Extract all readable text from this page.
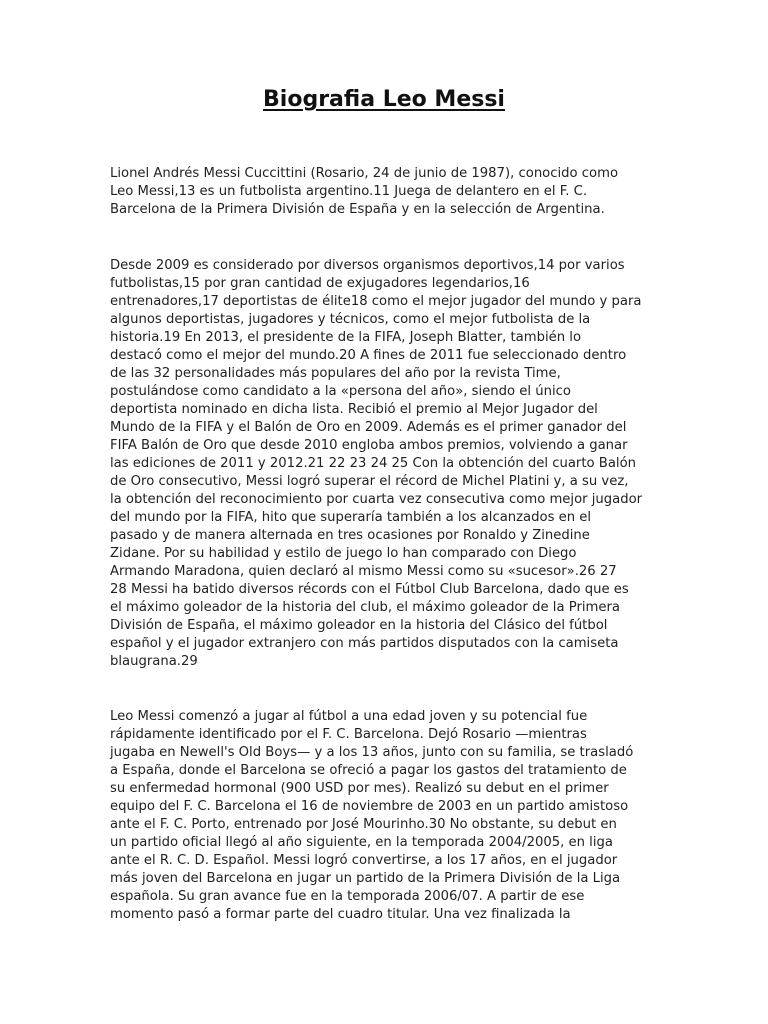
Biografia Leo Messi

Lionel Andrés Messi Cuccittini (Rosario, 24 de junio de 1987), conocido como
Leo Messi,13 es un futbolista argentino.11 Juega de delantero en el F. C.
Barcelona de la Primera División de España y en la selección de Argentina.

Desde 2009 es considerado por diversos organismos deportivos,14 por varios
futbolistas,15 por gran cantidad de exjugadores legendarios,16
entrenadores,17 deportistas de élite18 como el mejor jugador del mundo y para
algunos deportistas, jugadores y técnicos, como el mejor futbolista de la
historia.19 En 2013, el presidente de la FIFA, Joseph Blatter, también lo
destacó como el mejor del mundo.20 A fines de 2011 fue seleccionado dentro
de las 32 personalidades más populares del año por la revista Time,
postulándose como candidato a la «persona del año», siendo el único
deportista nominado en dicha lista. Recibió el premio al Mejor Jugador del
Mundo de la FIFA y el Balón de Oro en 2009. Además es el primer ganador del
FIFA Balón de Oro que desde 2010 engloba ambos premios, volviendo a ganar
las ediciones de 2011 y 2012.21 22 23 24 25 Con la obtención del cuarto Balón
de Oro consecutivo, Messi logró superar el récord de Michel Platini y, a su vez,
la obtención del reconocimiento por cuarta vez consecutiva como mejor jugador
del mundo por la FIFA, hito que superaría también a los alcanzados en el
pasado y de manera alternada en tres ocasiones por Ronaldo y Zinedine
Zidane. Por su habilidad y estilo de juego lo han comparado con Diego
Armando Maradona, quien declaró al mismo Messi como su «sucesor».26 27
28 Messi ha batido diversos récords con el Fútbol Club Barcelona, dado que es
el máximo goleador de la historia del club, el máximo goleador de la Primera
División de España, el máximo goleador en la historia del Clásico del fútbol
español y el jugador extranjero con más partidos disputados con la camiseta
blaugrana.29

Leo Messi comenzó a jugar al fútbol a una edad joven y su potencial fue
rápidamente identificado por el F. C. Barcelona. Dejó Rosario —mientras
jugaba en Newell's Old Boys— y a los 13 años, junto con su familia, se trasladó
a España, donde el Barcelona se ofreció a pagar los gastos del tratamiento de
su enfermedad hormonal (900 USD por mes). Realizó su debut en el primer
equipo del F. C. Barcelona el 16 de noviembre de 2003 en un partido amistoso
ante el F. C. Porto, entrenado por José Mourinho.30 No obstante, su debut en
un partido oficial llegó al año siguiente, en la temporada 2004/2005, en liga
ante el R. C. D. Español. Messi logró convertirse, a los 17 años, en el jugador
más joven del Barcelona en jugar un partido de la Primera División de la Liga
española. Su gran avance fue en la temporada 2006/07. A partir de ese
momento pasó a formar parte del cuadro titular. Una vez finalizada la
